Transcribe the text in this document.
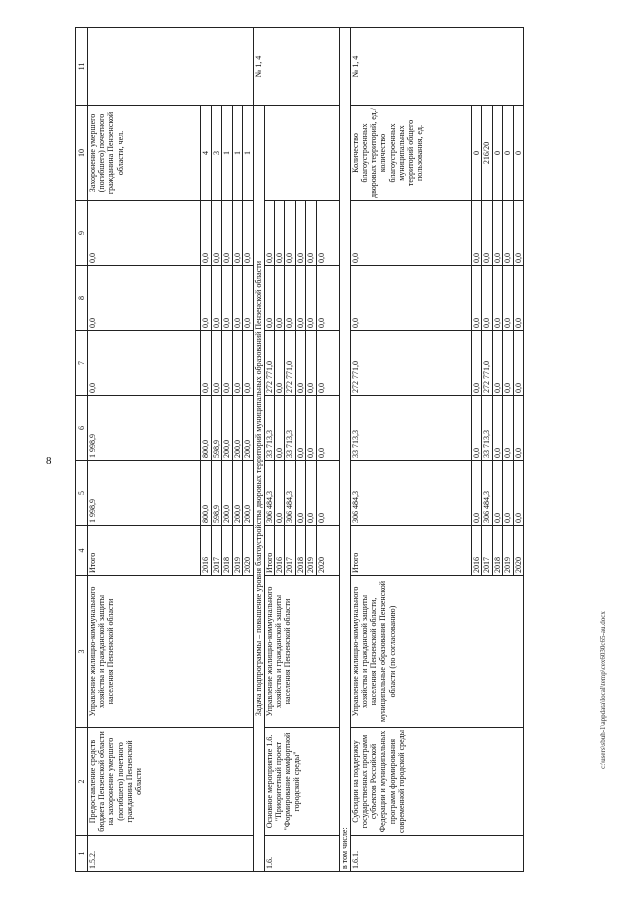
8
c:\users\sbuh-1\appdata\local\temp\cex6030c65-au.docx
1	2	3	4	5	6	7	8	9	10	11
1.5.2.	Предоставление средств бюджета Пензенской области на захоронение умершего (погибшего) почетного гражданина Пензенской области	Управление жилищно-коммунального хозяйства и гражданской защиты населения Пензенской области	Итого	1 998,9	1 998,9	0,0	0,0	0,0	Захоронение умершего (погибшего) почетного гражданина Пензенской области, чел.	
			2016	800,0	800,0	0,0	0,0	0,0	4	
			2017	598,9	598,9	0,0	0,0	0,0	3	
			2018	200,0	200,0	0,0	0,0	0,0	1	
			2019	200,0	200,0	0,0	0,0	0,0	1	
			2020	200,0	200,0	0,0	0,0	0,0	1	
Задача подпрограммы – повышение уровня благоустройства дворовых территорий муниципальных образований Пензенской области										№ 1, 4
1.6.	Основное мероприятие 1.6. "Приоритетный проект "Формирование комфортной городской среды"	Управление жилищно-коммунального хозяйства и гражданской защиты населения Пензенской области	Итого	306 484,3	33 713,3	272 771,0	0,0	0,0		
			2016	0,0	0,0	0,0	0,0	0,0		
			2017	306 484,3	33 713,3	272 771,0	0,0	0,0		
			2018	0,0	0,0	0,0	0,0	0,0		
			2019	0,0	0,0	0,0	0,0	0,0		
			2020	0,0	0,0	0,0	0,0	0,0		
в том числе:										
1.6.1.	Субсидии на поддержку государственных программ субъектов Российской Федерации и муниципальных программ формирования современной городской среды	Управление жилищно-коммунального хозяйства и гражданской защиты населения Пензенской области, муниципальные образования Пензенской области (по согласованию)	Итого	306 484,3	33 713,3	272 771,0	0,0	0,0	Количество благоустроенных дворовых территорий, ед./количество благоустроенных муниципальных территорий общего пользования, ед.	№ 1, 4
			2016	0,0	0,0	0,0	0,0	0,0	0	
			2017	306 484,3	33 713,3	272 771,0	0,0	0,0	216/20	
			2018	0,0	0,0	0,0	0,0	0,0	0	
			2019	0,0	0,0	0,0	0,0	0,0	0	
			2020	0,0	0,0	0,0	0,0	0,0	0	
